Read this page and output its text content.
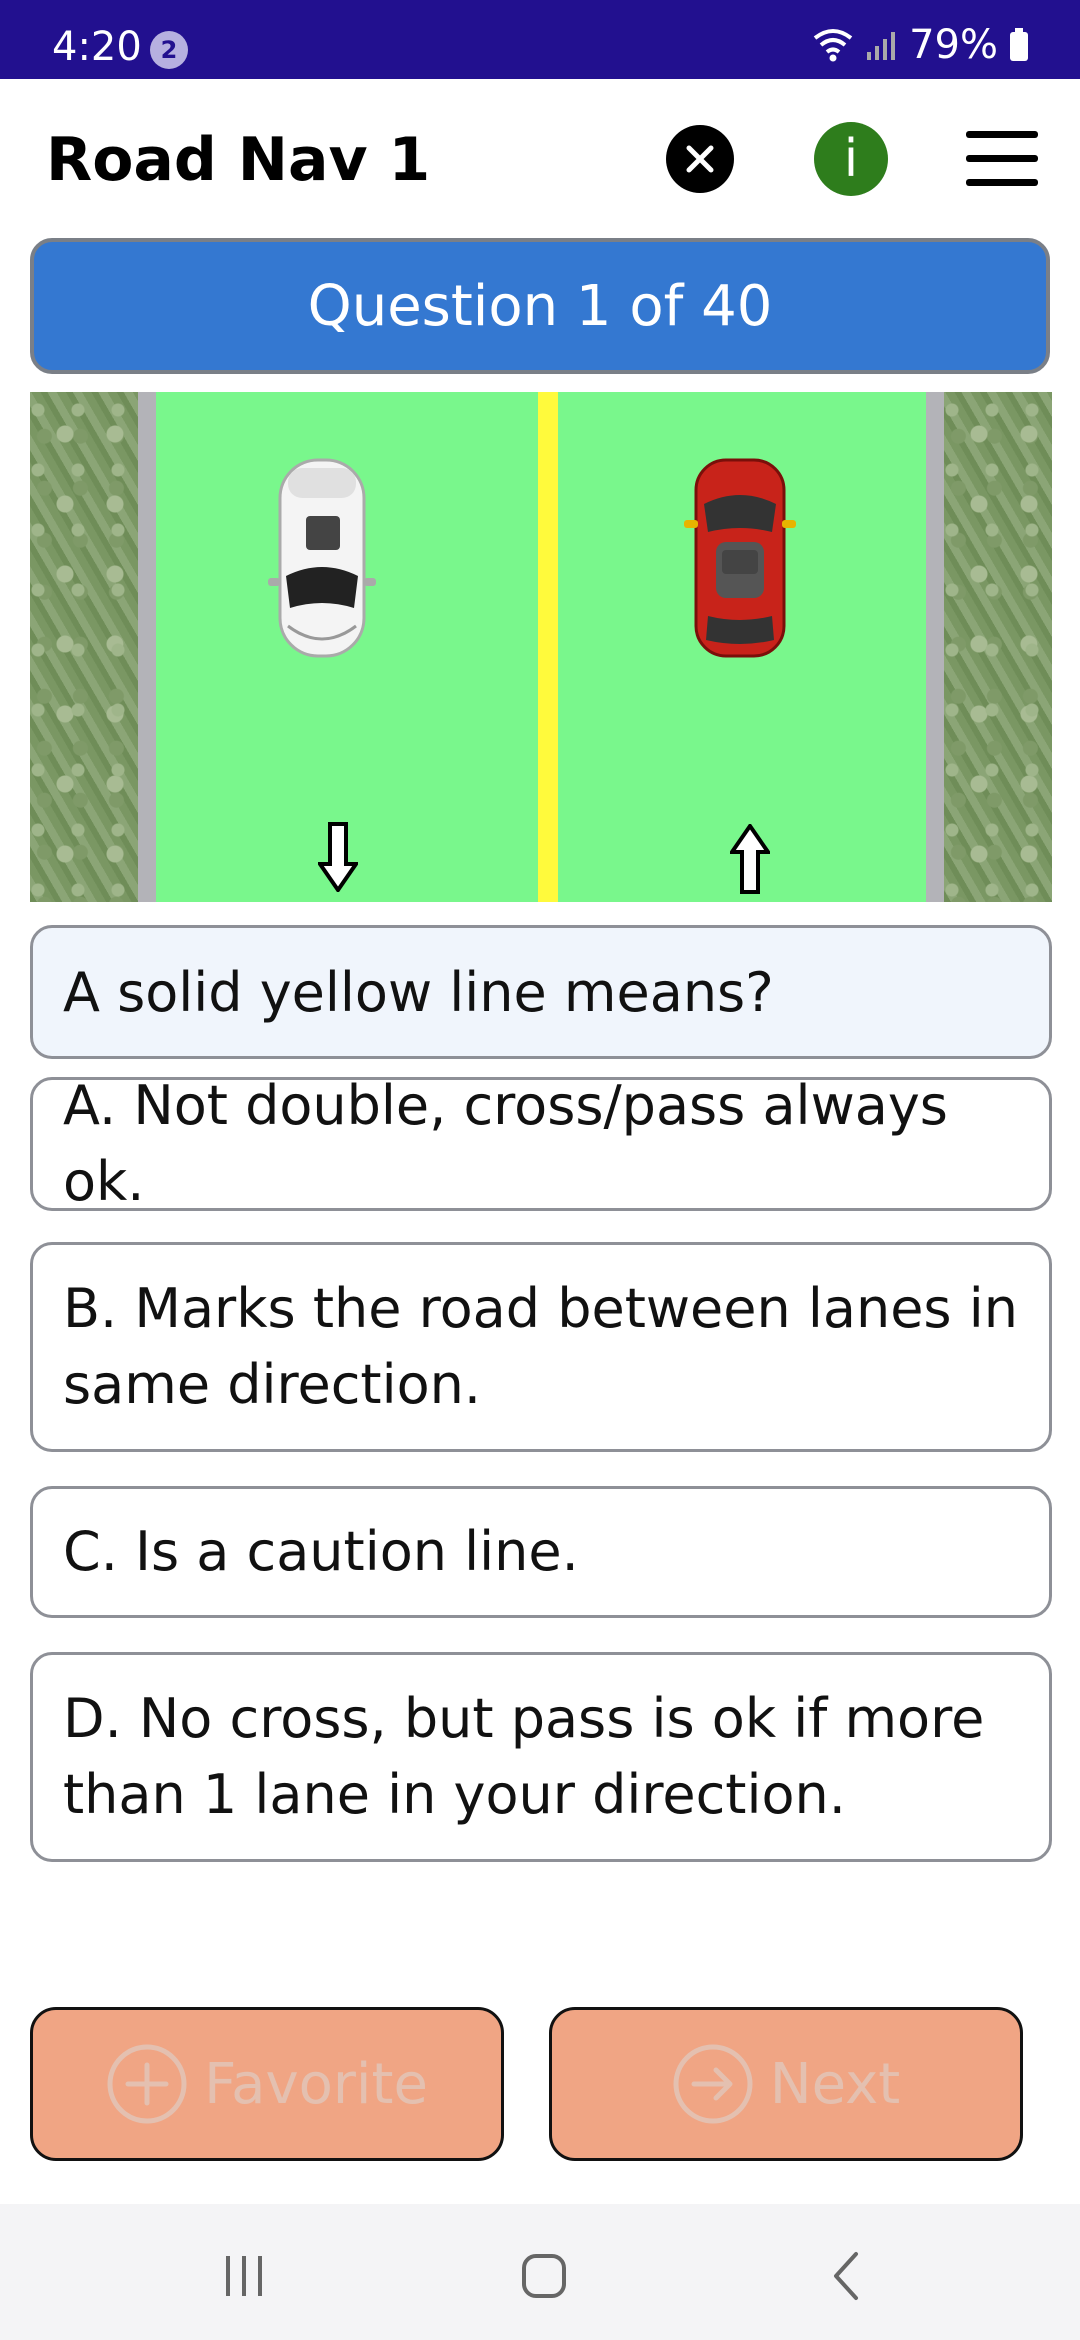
4:20 2	79%
Road Nav 1	i
Question 1 of 40
A solid yellow line means?
A. Not double, cross/pass always ok.
B. Marks the road between lanes in same direction.
C. Is a caution line.
D. No cross, but pass is ok if more than 1 lane in your direction.
Favorite	Next
